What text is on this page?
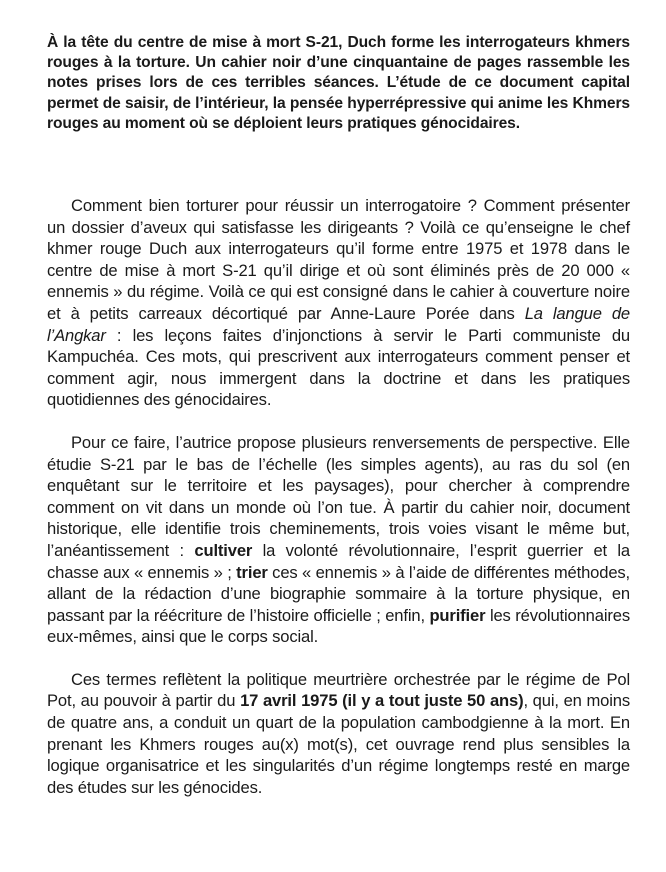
À la tête du centre de mise à mort S-21, Duch forme les interrogateurs khmers rouges à la torture. Un cahier noir d’une cinquantaine de pages rassemble les notes prises lors de ces terribles séances. L’étude de ce document capital permet de saisir, de l’intérieur, la pensée hyperrépressive qui anime les Khmers rouges au moment où se déploient leurs pratiques génocidaires.

Comment bien torturer pour réussir un interrogatoire ? Comment présenter un dossier d’aveux qui satisfasse les dirigeants ? Voilà ce qu’enseigne le chef khmer rouge Duch aux interrogateurs qu’il forme entre 1975 et 1978 dans le centre de mise à mort S-21 qu’il dirige et où sont éliminés près de 20 000 « ennemis » du régime. Voilà ce qui est consigné dans le cahier à couverture noire et à petits carreaux décortiqué par Anne-Laure Porée dans La langue de l’Angkar : les leçons faites d’injonctions à servir le Parti communiste du Kampuchéa. Ces mots, qui prescrivent aux interrogateurs comment penser et comment agir, nous immergent dans la doctrine et dans les pratiques quotidiennes des génocidaires.

Pour ce faire, l’autrice propose plusieurs renversements de perspective. Elle étudie S-21 par le bas de l’échelle (les simples agents), au ras du sol (en enquêtant sur le territoire et les paysages), pour chercher à comprendre comment on vit dans un monde où l’on tue. À partir du cahier noir, document historique, elle identifie trois cheminements, trois voies visant le même but, l’anéantissement : cultiver la volonté révolutionnaire, l’esprit guerrier et la chasse aux « ennemis » ; trier ces « ennemis » à l’aide de différentes méthodes, allant de la rédaction d’une biographie sommaire à la torture physique, en passant par la réécriture de l’histoire officielle ; enfin, purifier les révolutionnaires eux-mêmes, ainsi que le corps social.

Ces termes reflètent la politique meurtrière orchestrée par le régime de Pol Pot, au pouvoir à partir du 17 avril 1975 (il y a tout juste 50 ans), qui, en moins de quatre ans, a conduit un quart de la population cambodgienne à la mort. En prenant les Khmers rouges au(x) mot(s), cet ouvrage rend plus sensibles la logique organisatrice et les singularités d’un régime longtemps resté en marge des études sur les génocides.
